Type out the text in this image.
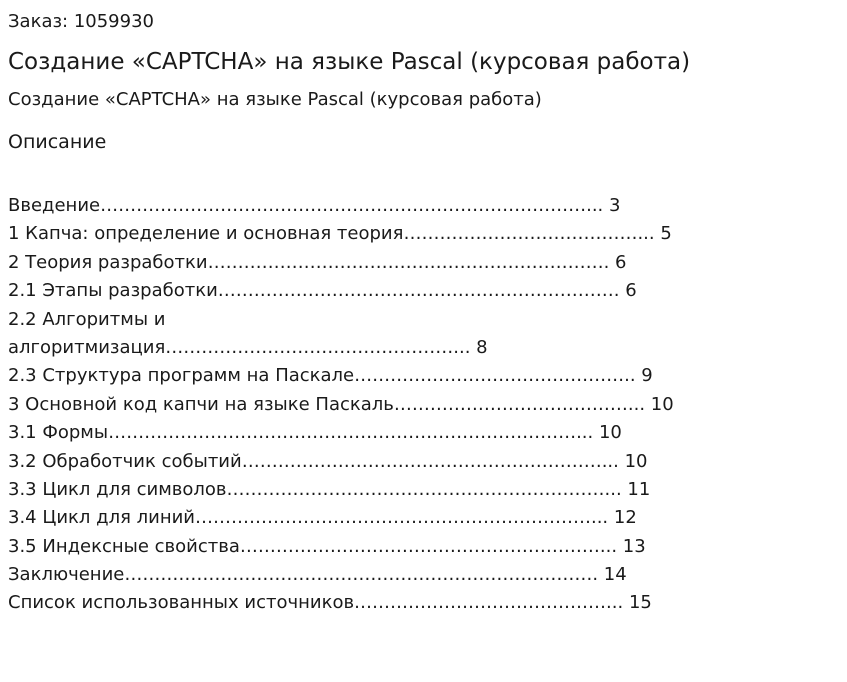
Заказ: 1059930
Создание «CAPTCHA» на языке Pascal (курсовая работа)
Создание «CAPTCHA» на языке Pascal (курсовая работа)
Описание
Введение………………………………………………………………………... 3
1 Капча: определение и основная теория…………………………………... 5
2 Теория разработки…………………………………………………………. 6
2.1 Этапы разработки…………………………………………………………. 6
2.2 Алгоритмы и
алгоритмизация…………………………………………... 8
2.3 Структура программ на Паскале……………………………………….. 9
3 Основной код капчи на языке Паскаль…………………………………... 10
3.1 Формы……………………………………………………………………... 10
3.2 Обработчик событий……………………………………………………... 10
3.3 Цикл для символов………………………………………………………... 11
3.4 Цикл для линий…………………………………………………………... 12
3.5 Индексные свойства……………………………………………………... 13
Заключение……………………………………………………………………. 14
Список использованных источников……………………………………... 15
